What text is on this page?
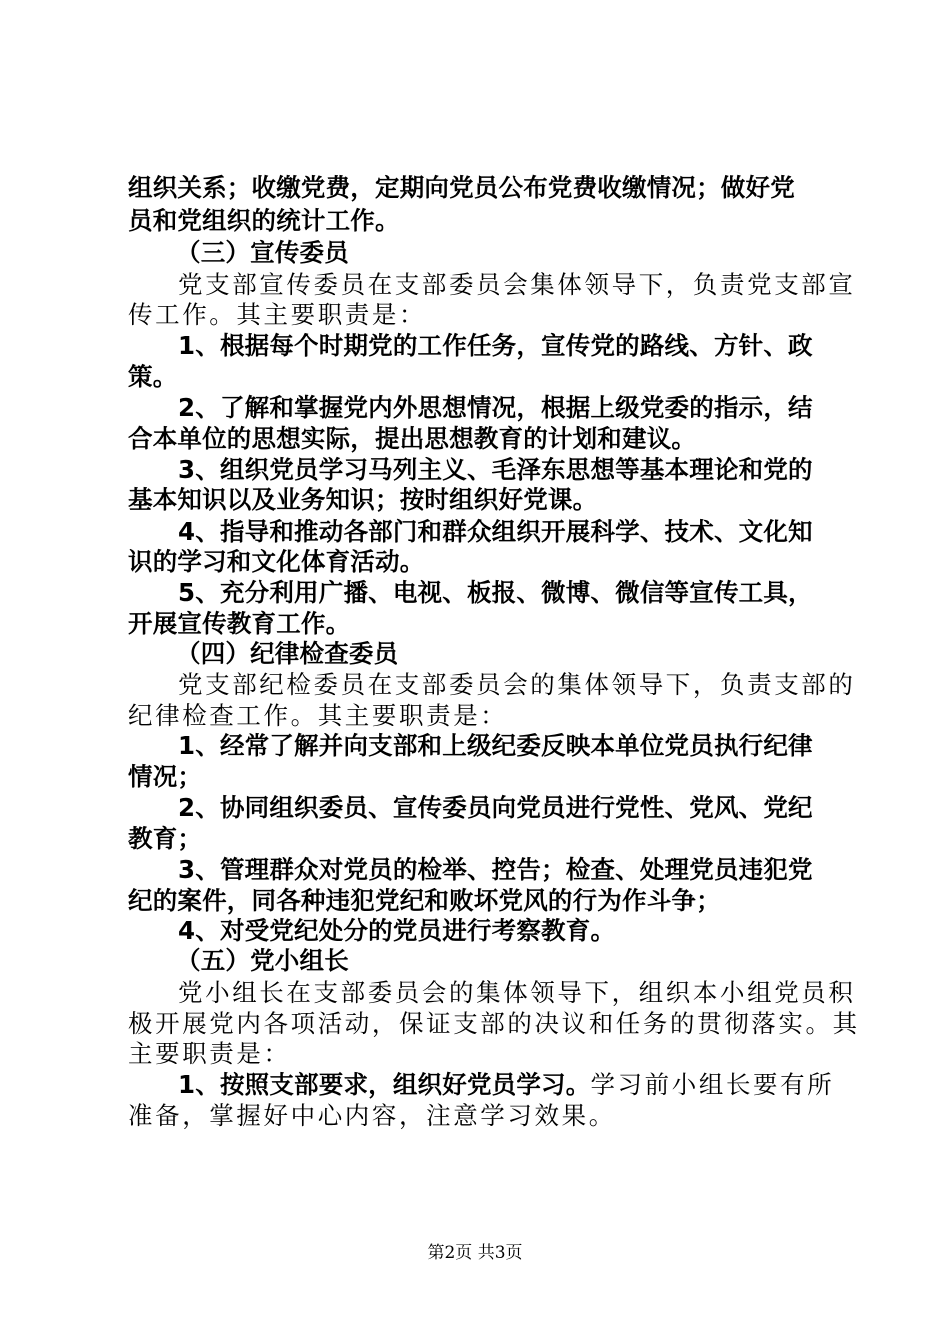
组织关系；收缴党费，定期向党员公布党费收缴情况；做好党
员和党组织的统计工作。
（三）宣传委员
党支部宣传委员在支部委员会集体领导下，负责党支部宣
传工作。其主要职责是：
1、根据每个时期党的工作任务，宣传党的路线、方针、政
策。
2、了解和掌握党内外思想情况，根据上级党委的指示，结
合本单位的思想实际，提出思想教育的计划和建议。
3、组织党员学习马列主义、毛泽东思想等基本理论和党的
基本知识以及业务知识；按时组织好党课。
4、指导和推动各部门和群众组织开展科学、技术、文化知
识的学习和文化体育活动。
5、充分利用广播、电视、板报、微博、微信等宣传工具，
开展宣传教育工作。
（四）纪律检查委员
党支部纪检委员在支部委员会的集体领导下，负责支部的
纪律检查工作。其主要职责是：
1、经常了解并向支部和上级纪委反映本单位党员执行纪律
情况；
2、协同组织委员、宣传委员向党员进行党性、党风、党纪
教育；
3、管理群众对党员的检举、控告；检查、处理党员违犯党
纪的案件，同各种违犯党纪和败坏党风的行为作斗争；
4、对受党纪处分的党员进行考察教育。
（五）党小组长
党小组长在支部委员会的集体领导下，组织本小组党员积
极开展党内各项活动，保证支部的决议和任务的贯彻落实。其
主要职责是：
1、按照支部要求，组织好党员学习。学习前小组长要有所
准备，掌握好中心内容，注意学习效果。
第2页 共3页
